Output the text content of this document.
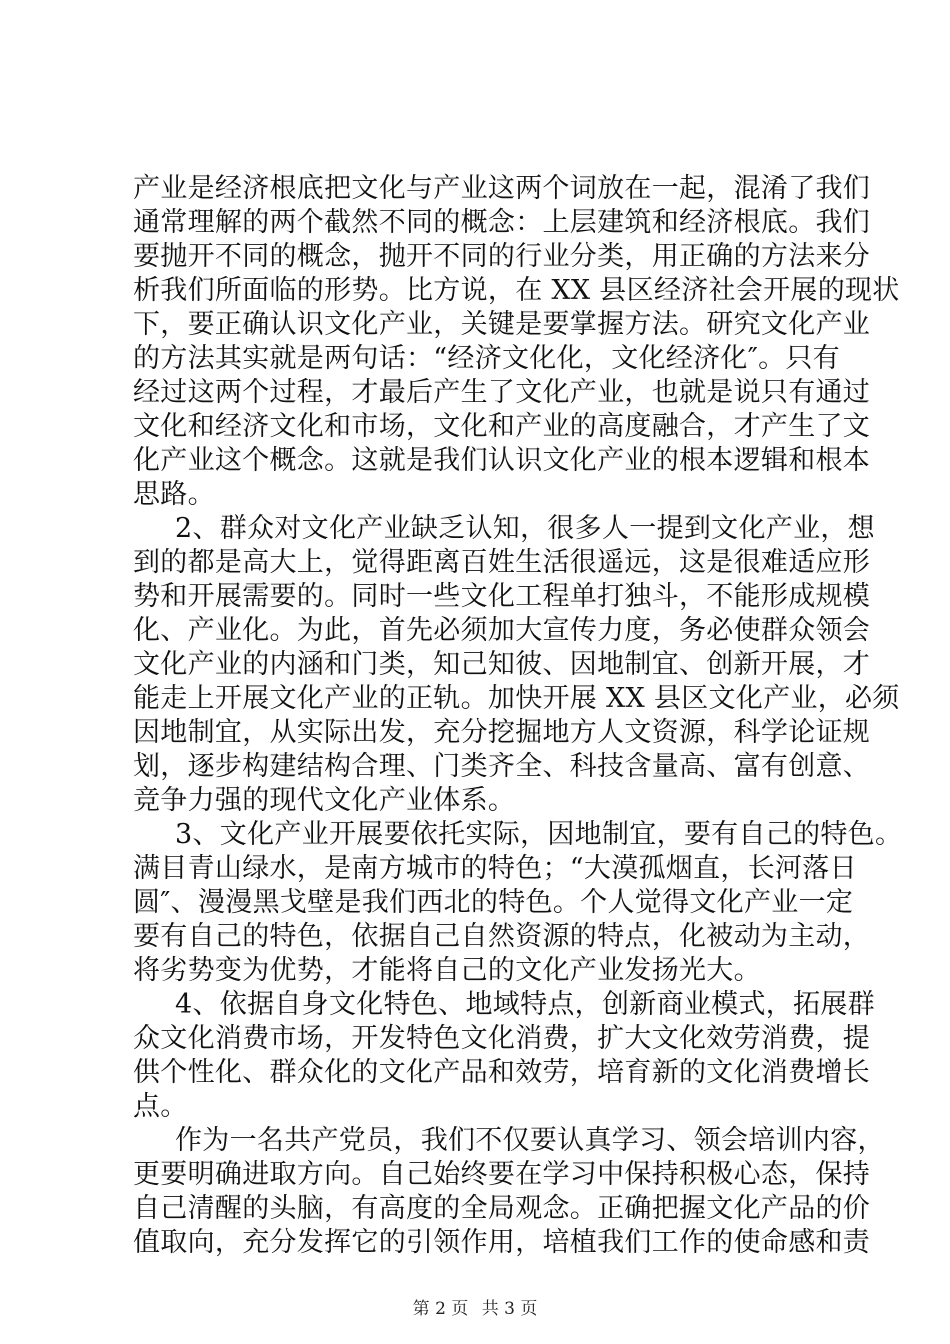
产业是经济根底把文化与产业这两个词放在一起，混淆了我们
通常理解的两个截然不同的概念：上层建筑和经济根底。我们
要抛开不同的概念，抛开不同的行业分类，用正确的方法来分
析我们所面临的形势。比方说，在 XX 县区经济社会开展的现状
下，要正确认识文化产业，关键是要掌握方法。研究文化产业
的方法其实就是两句话：“经济文化化，文化经济化″。只有
经过这两个过程，才最后产生了文化产业，也就是说只有通过
文化和经济文化和市场，文化和产业的高度融合，才产生了文
化产业这个概念。这就是我们认识文化产业的根本逻辑和根本
思路。
2、群众对文化产业缺乏认知，很多人一提到文化产业，想
到的都是高大上，觉得距离百姓生活很遥远，这是很难适应形
势和开展需要的。同时一些文化工程单打独斗，不能形成规模
化、产业化。为此，首先必须加大宣传力度，务必使群众领会
文化产业的内涵和门类，知己知彼、因地制宜、创新开展，才
能走上开展文化产业的正轨。加快开展 XX 县区文化产业，必须
因地制宜，从实际出发，充分挖掘地方人文资源，科学论证规
划，逐步构建结构合理、门类齐全、科技含量高、富有创意、
竞争力强的现代文化产业体系。
3、文化产业开展要依托实际，因地制宜，要有自己的特色。
满目青山绿水，是南方城市的特色；“大漠孤烟直，长河落日
圆″、漫漫黑戈壁是我们西北的特色。个人觉得文化产业一定
要有自己的特色，依据自己自然资源的特点，化被动为主动，
将劣势变为优势，才能将自己的文化产业发扬光大。
4、依据自身文化特色、地域特点，创新商业模式，拓展群
众文化消费市场，开发特色文化消费，扩大文化效劳消费，提
供个性化、群众化的文化产品和效劳，培育新的文化消费增长
点。
作为一名共产党员，我们不仅要认真学习、领会培训内容，
更要明确进取方向。自己始终要在学习中保持积极心态，保持
自己清醒的头脑，有高度的全局观念。正确把握文化产品的价
值取向，充分发挥它的引领作用，培植我们工作的使命感和责
第 2 页 共 3 页
